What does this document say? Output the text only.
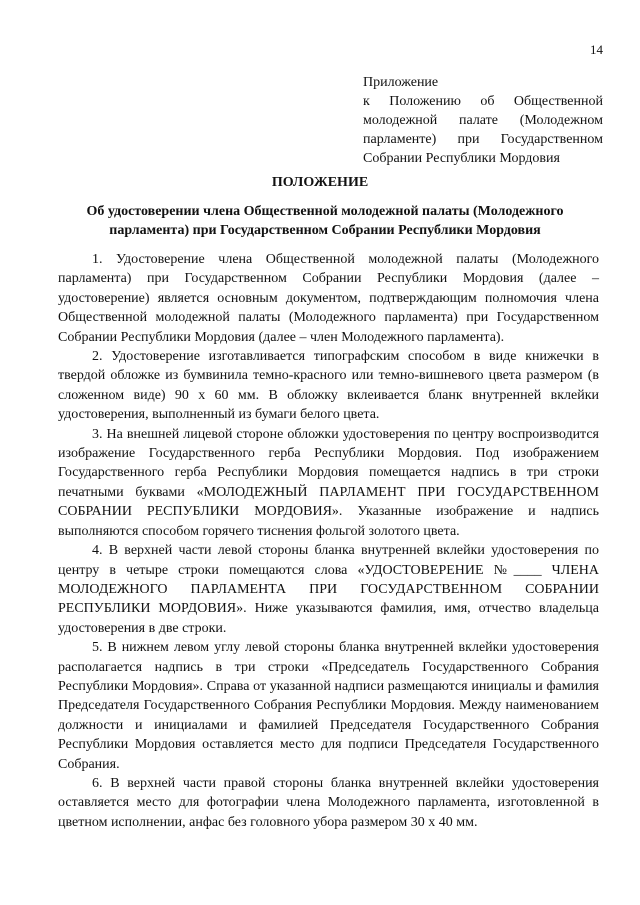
14
Приложение
к Положению об Общественной
молодежной палате (Молодежном
парламенте) при Государственном
Собрании Республики Мордовия
ПОЛОЖЕНИЕ
Об удостоверении члена Общественной молодежной палаты (Молодежного парламента) при Государственном Собрании Республики Мордовия

1. Удостоверение члена Общественной молодежной палаты (Молодежного парламента) при Государственном Собрании Республики Мордовия (далее – удостоверение) является основным документом, подтверждающим полномочия члена Общественной молодежной палаты (Молодежного парламента) при Государственном Собрании Республики Мордовия (далее – член Молодежного парламента).

2. Удостоверение изготавливается типографским способом в виде книжечки в твердой обложке из бумвинила темно-красного или темно-вишневого цвета размером (в сложенном виде) 90 х 60 мм. В обложку вклеивается бланк внутренней вклейки удостоверения, выполненный из бумаги белого цвета.

3. На внешней лицевой стороне обложки удостоверения по центру воспроизводится изображение Государственного герба Республики Мордовия. Под изображением Государственного герба Республики Мордовия помещается надпись в три строки печатными буквами «МОЛОДЕЖНЫЙ ПАРЛАМЕНТ ПРИ ГОСУДАРСТВЕННОМ СОБРАНИИ РЕСПУБЛИКИ МОРДОВИЯ». Указанные изображение и надпись выполняются способом горячего тиснения фольгой золотого цвета.

4. В верхней части левой стороны бланка внутренней вклейки удостоверения по центру в четыре строки помещаются слова «УДОСТОВЕРЕНИЕ №____ ЧЛЕНА МОЛОДЕЖНОГО ПАРЛАМЕНТА ПРИ ГОСУДАРСТВЕННОМ СОБРАНИИ РЕСПУБЛИКИ МОРДОВИЯ». Ниже указываются фамилия, имя, отчество владельца удостоверения в две строки.

5. В нижнем левом углу левой стороны бланка внутренней вклейки удостоверения располагается надпись в три строки «Председатель Государственного Собрания Республики Мордовия». Справа от указанной надписи размещаются инициалы и фамилия Председателя Государственного Собрания Республики Мордовия. Между наименованием должности и инициалами и фамилией Председателя Государственного Собрания Республики Мордовия оставляется место для подписи Председателя Государственного Собрания.

6. В верхней части правой стороны бланка внутренней вклейки удостоверения оставляется место для фотографии члена Молодежного парламента, изготовленной в цветном исполнении, анфас без головного убора размером 30 х 40 мм.
